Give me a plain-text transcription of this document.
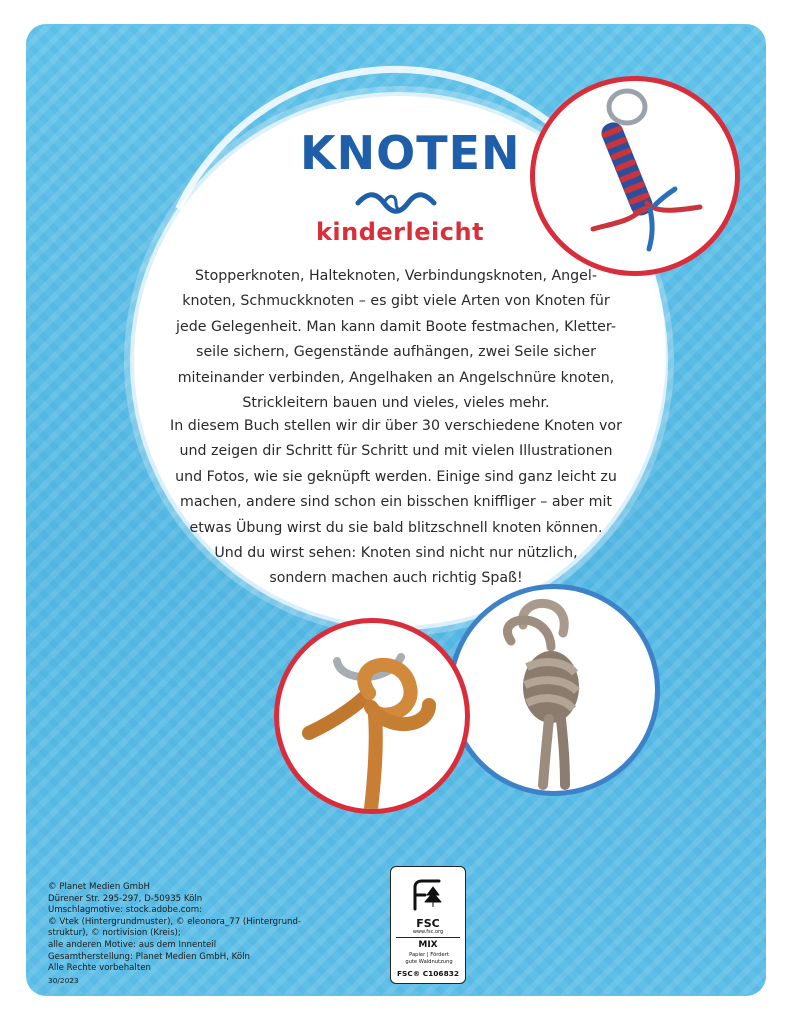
KNOTEN
kinderleicht

Stopperknoten, Halteknoten, Verbindungsknoten, Angel-
knoten, Schmuckknoten – es gibt viele Arten von Knoten für
jede Gelegenheit. Man kann damit Boote festmachen, Kletter-
seile sichern, Gegenstände aufhängen, zwei Seile sicher
miteinander verbinden, Angelhaken an Angelschnüre knoten,
Strickleitern bauen und vieles, vieles mehr.

In diesem Buch stellen wir dir über 30 verschiedene Knoten vor
und zeigen dir Schritt für Schritt und mit vielen Illustrationen
und Fotos, wie sie geknüpft werden. Einige sind ganz leicht zu
machen, andere sind schon ein bisschen kniffliger – aber mit
etwas Übung wirst du sie bald blitzschnell knoten können.
Und du wirst sehen: Knoten sind nicht nur nützlich,
sondern machen auch richtig Spaß!

© Planet Medien GmbH
Dürener Str. 295-297, D-50935 Köln
Umschlagmotive: stock.adobe.com:
© Vtek (Hintergrundmuster), © eleonora_77 (Hintergrund-
struktur), © nortivision (Kreis);
alle anderen Motive: aus dem Innenteil
Gesamtherstellung: Planet Medien GmbH, Köln
Alle Rechte vorbehalten
30/2023
FSC
www.fsc.org
MIX
Papier | Fördert
gute Waldnutzung
FSC® C106832
